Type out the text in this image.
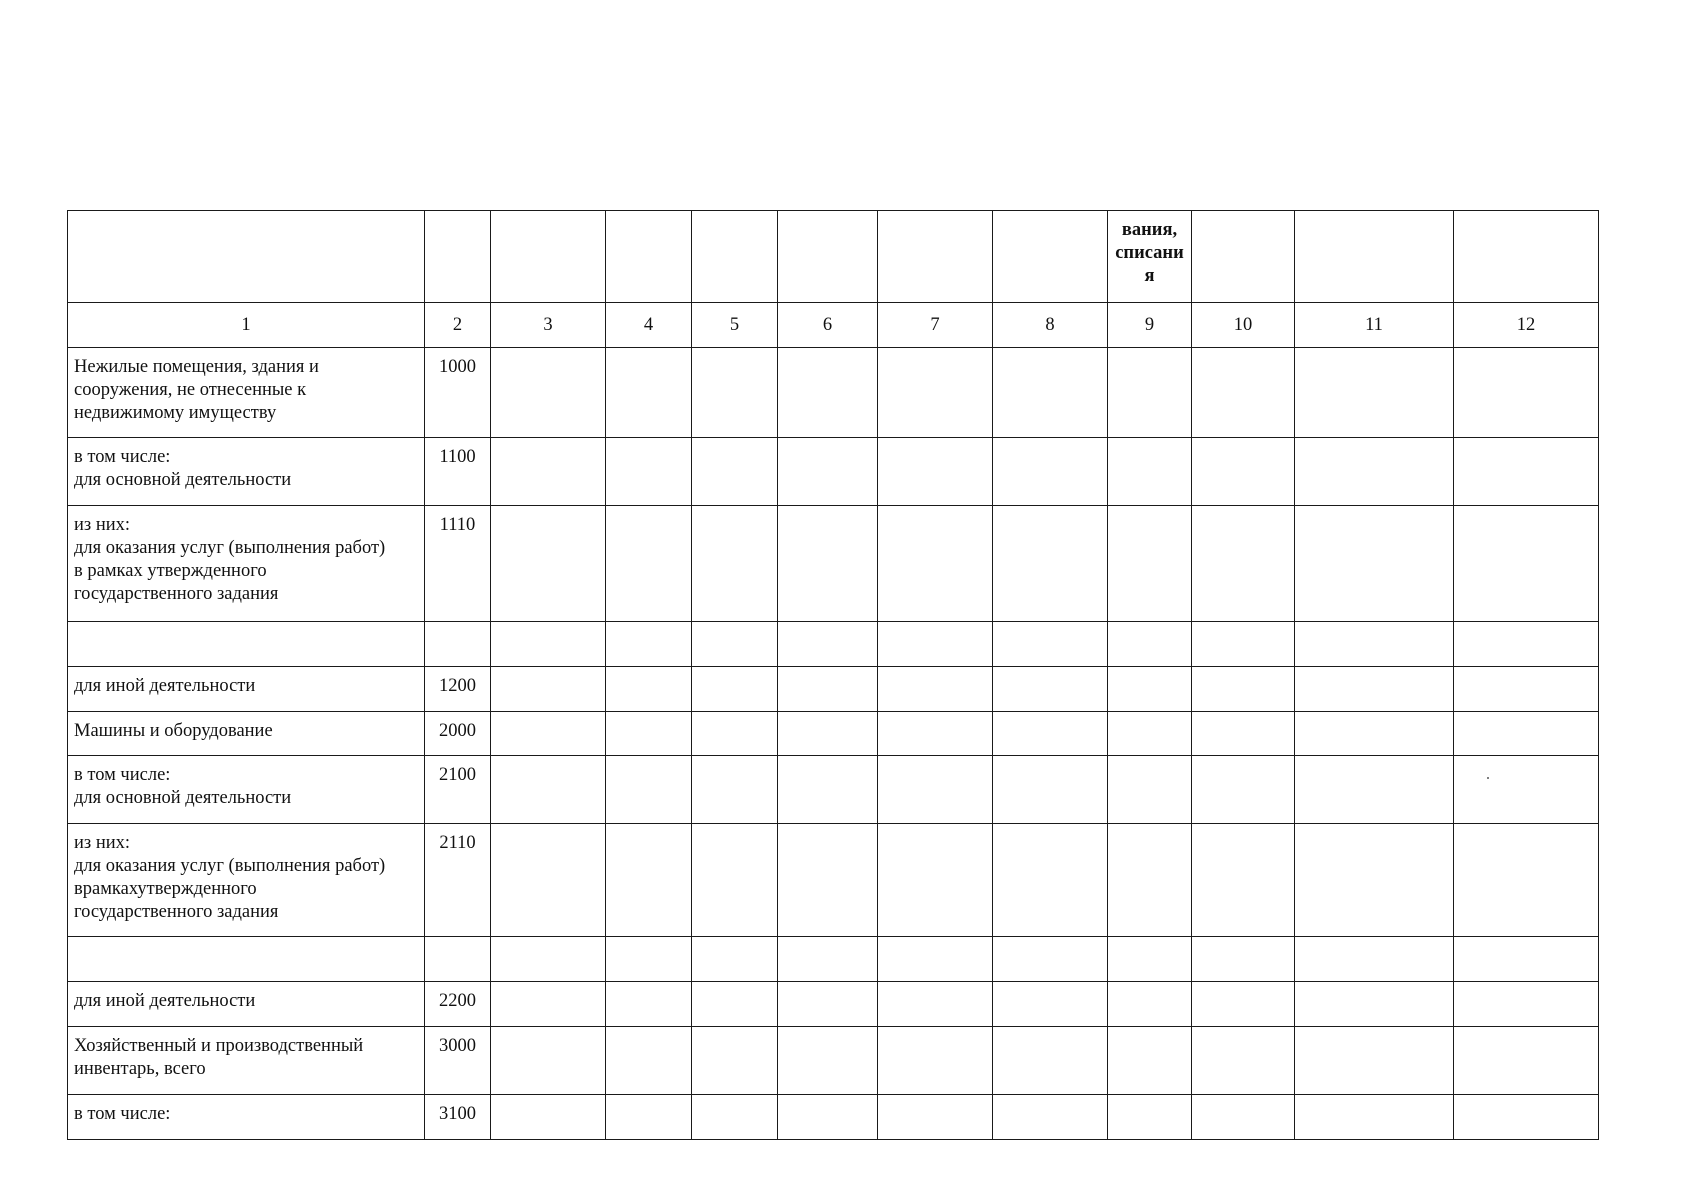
								вания,
списани
я			

1	2	3	4	5	6	7	8	9	10	11	12

Нежилые помещения, здания и
сооружения, не отнесенные к
недвижимому имуществу	1000										

в том числе:
для основной деятельности	1100										

из них:
для оказания услуг (выполнения работ)
в рамках утвержденного
государственного задания	1110										

для иной деятельности	1200										

Машины и оборудование	2000										

в том числе:
для основной деятельности	2100										

из них:
для оказания услуг (выполнения работ)
врамкахутвержденного
государственного задания	2110										

для иной деятельности	2200										

Хозяйственный и производственный
инвентарь, всего	3000										

в том числе:	3100										
